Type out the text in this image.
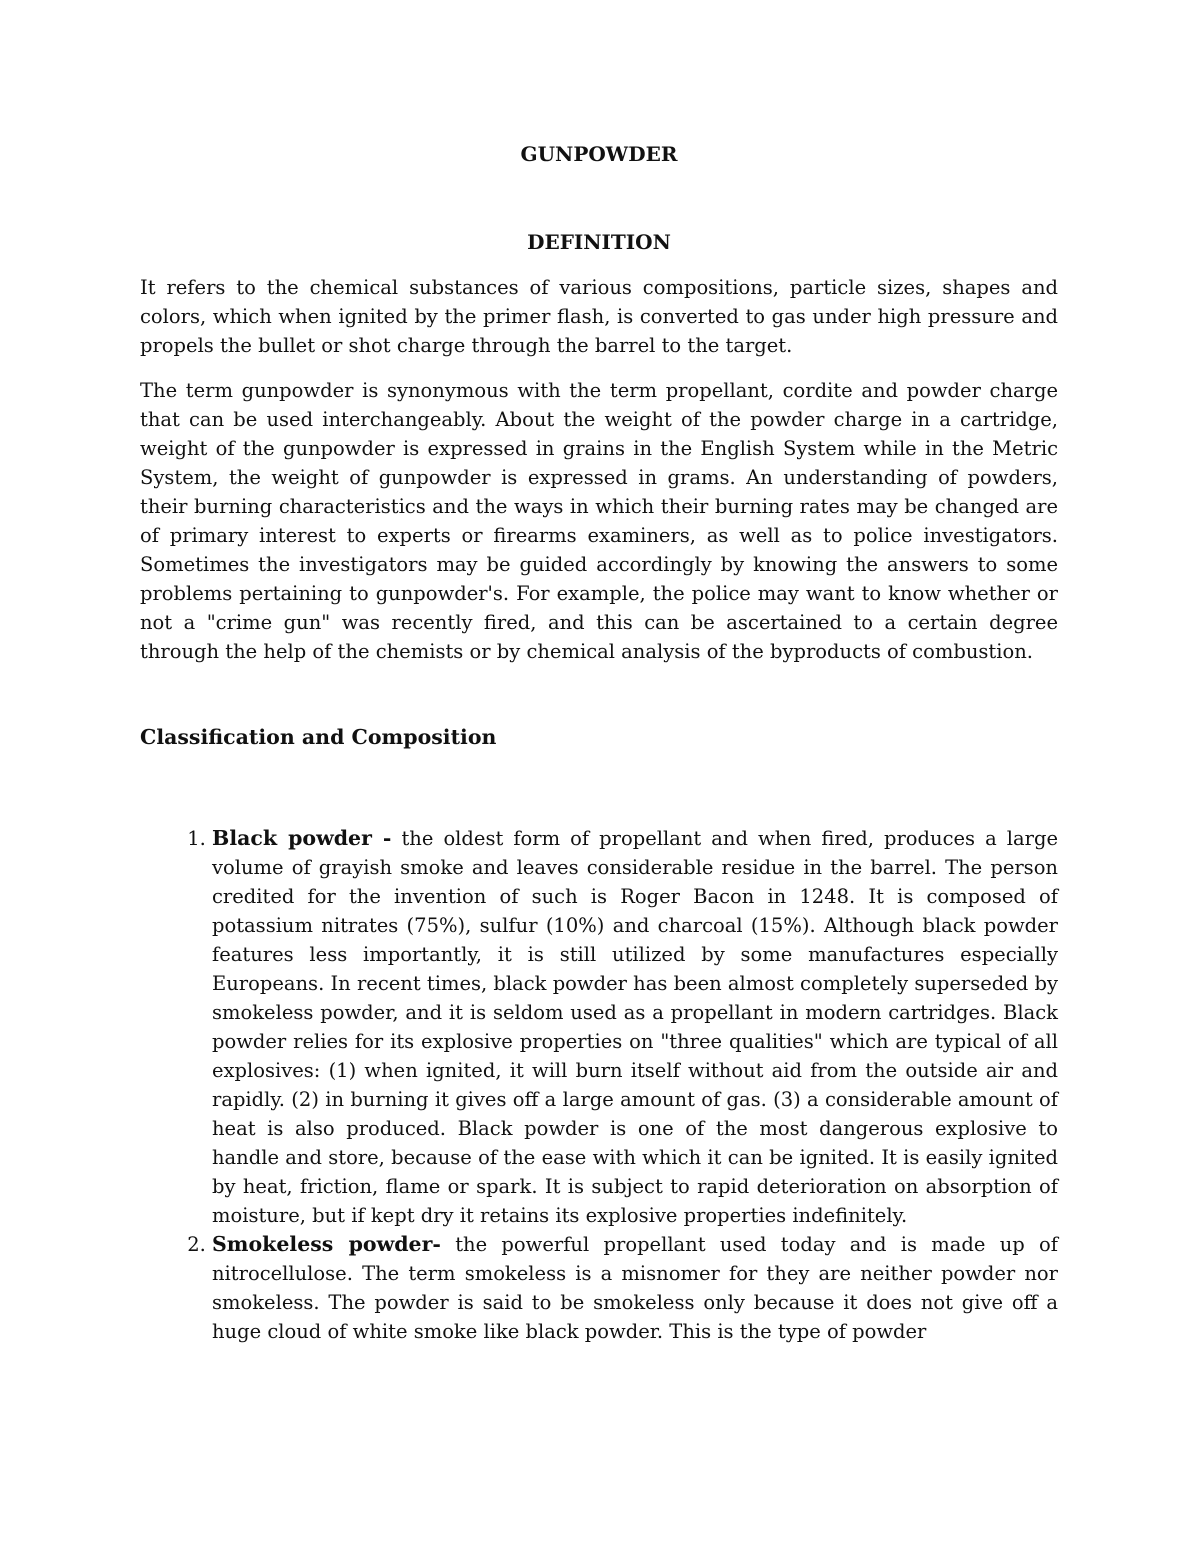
GUNPOWDER
DEFINITION

It refers to the chemical substances of various compositions, particle sizes, shapes and colors, which when ignited by the primer flash, is converted to gas under high pressure and propels the bullet or shot charge through the barrel to the target.

The term gunpowder is synonymous with the term propellant, cordite and powder charge that can be used interchangeably. About the weight of the powder charge in a cartridge, weight of the gunpowder is expressed in grains in the English System while in the Metric System, the weight of gunpowder is expressed in grams. An understanding of powders, their burning characteristics and the ways in which their burning rates may be changed are of primary interest to experts or firearms examiners, as well as to police investigators. Sometimes the investigators may be guided accordingly by knowing the answers to some problems pertaining to gunpowder's. For example, the police may want to know whether or not a "crime gun" was recently fired, and this can be ascertained to a certain degree through the help of the chemists or by chemical analysis of the byproducts of combustion.

Classification and Composition
1. Black powder - the oldest form of propellant and when fired, produces a large volume of grayish smoke and leaves considerable residue in the barrel. The person credited for the invention of such is Roger Bacon in 1248. It is composed of potassium nitrates (75%), sulfur (10%) and charcoal (15%). Although black powder features less importantly, it is still utilized by some manufactures especially Europeans. In recent times, black powder has been almost completely superseded by smokeless powder, and it is seldom used as a propellant in modern cartridges. Black powder relies for its explosive properties on "three qualities" which are typical of all explosives: (1) when ignited, it will burn itself without aid from the outside air and rapidly. (2) in burning it gives off a large amount of gas. (3) a considerable amount of heat is also produced. Black powder is one of the most dangerous explosive to handle and store, because of the ease with which it can be ignited. It is easily ignited by heat, friction, flame or spark. It is subject to rapid deterioration on absorption of moisture, but if kept dry it retains its explosive properties indefinitely.
2. Smokeless powder- the powerful propellant used today and is made up of nitrocellulose. The term smokeless is a misnomer for they are neither powder nor smokeless. The powder is said to be smokeless only because it does not give off a huge cloud of white smoke like black powder. This is the type of powder
